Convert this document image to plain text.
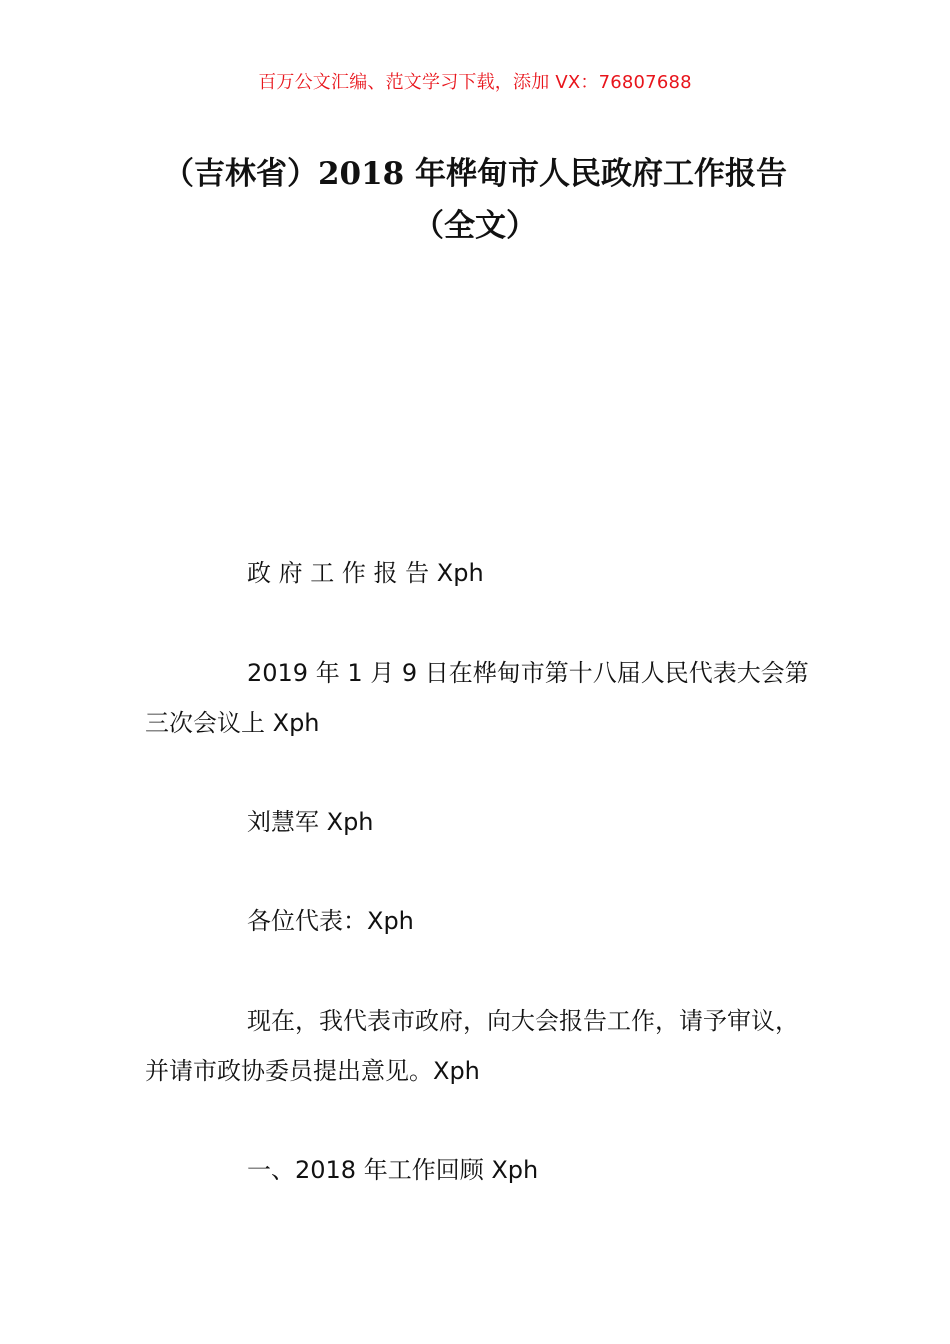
百万公文汇编、范文学习下载，添加 VX：76807688
（吉林省）2018 年桦甸市人民政府工作报告（全文）

政 府 工 作 报 告 Xph

2019 年 1 月 9 日在桦甸市第十八届人民代表大会第三次会议上 Xph

刘慧军 Xph

各位代表：Xph

现在，我代表市政府，向大会报告工作，请予审议，并请市政协委员提出意见。Xph

一、2018 年工作回顾 Xph
